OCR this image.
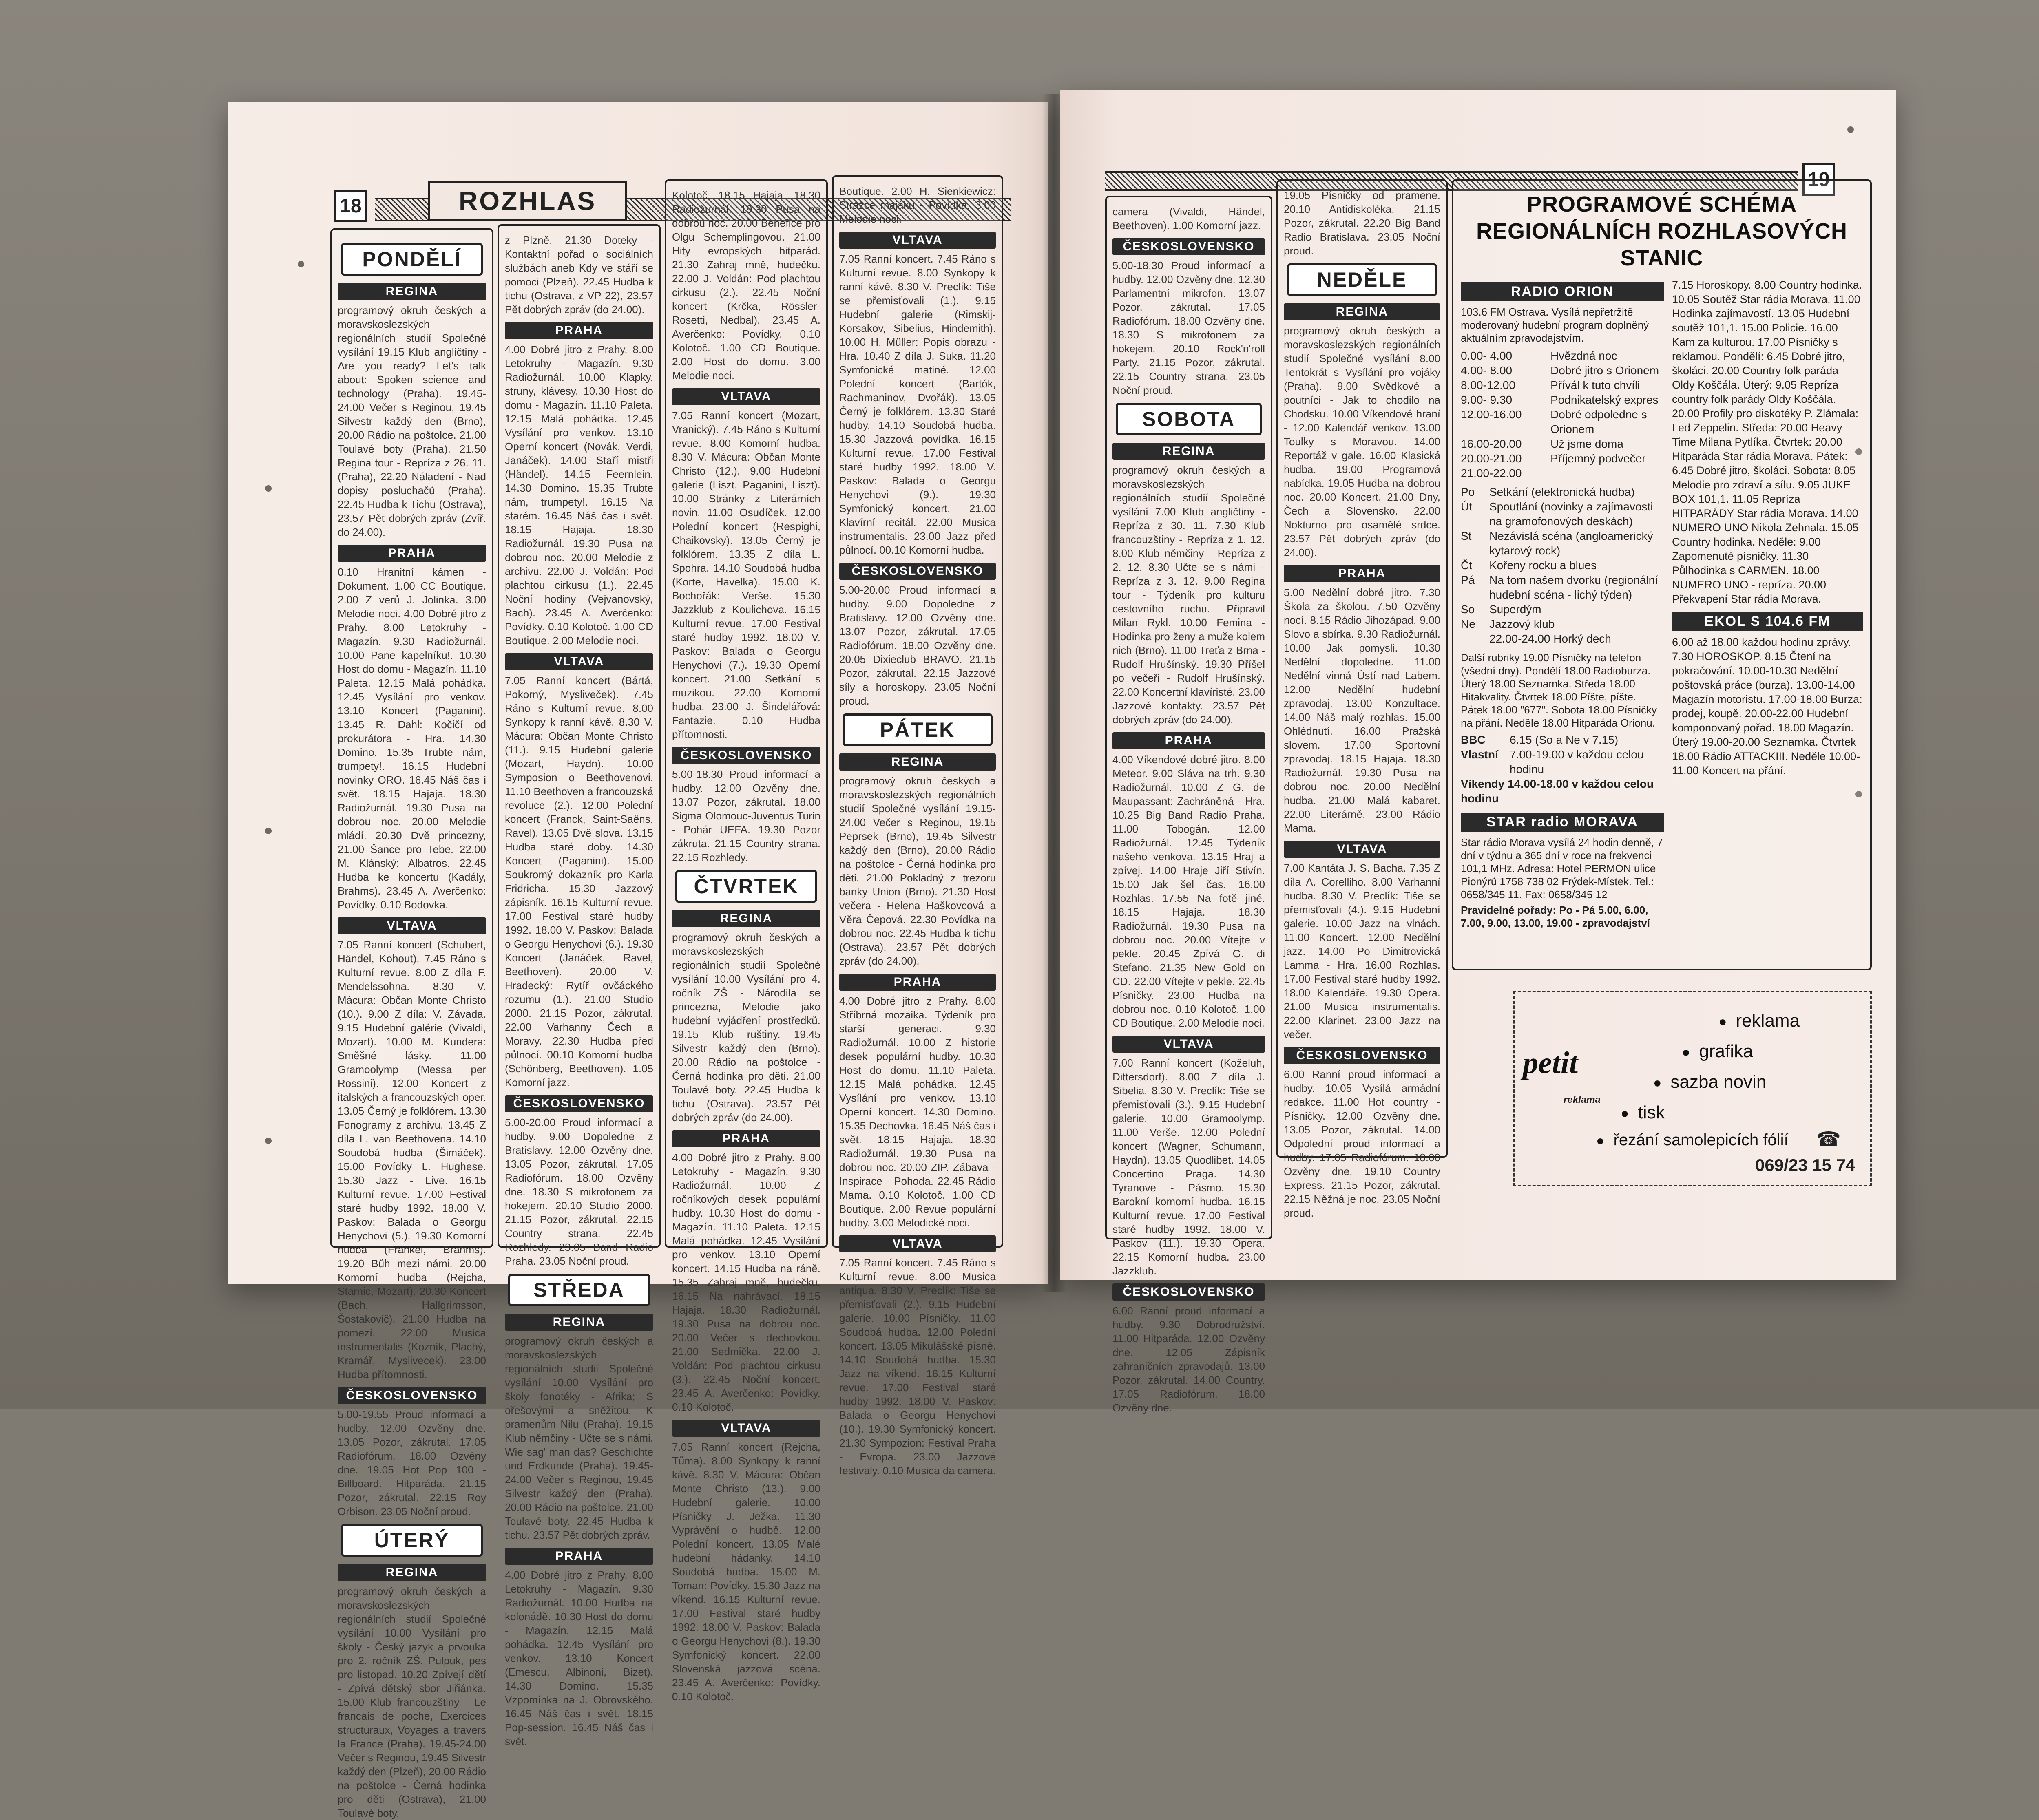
18	ROZHLAS
PONDĚLÍ
REGINA
programový okruh českých a moravskoslezských regionálních studií Společné vysílání 19.15 Klub angličtiny - Are you ready? Let's talk about: Spoken science and technology (Praha). 19.45-24.00 Večer s Reginou, 19.45 Silvestr každý den (Brno), 20.00 Rádio na poštolce. 21.00 Toulavé boty (Praha), 21.50 Regina tour - Repríza z 26. 11. (Praha), 22.20 Náladení - Nad dopisy posluchačů (Praha). 22.45 Hudba k Tichu (Ostrava), 23.57 Pět dobrých zpráv (Zvíř. do 24.00).
PRAHA
0.10 Hranitní kámen - Dokument. 1.00 CC Boutique. 2.00 Z verů J. Jolinka. 3.00 Melodie noci. 4.00 Dobré jitro z Prahy. 8.00 Letokruhy - Magazín. 9.30 Radiožurnál. 10.00 Pane kapelníku!. 10.30 Host do domu - Magazín. 11.10 Paleta. 12.15 Malá pohádka. 12.45 Vysílání pro venkov. 13.10 Koncert (Paganini). 13.45 R. Dahl: Kočičí od prokurátora - Hra. 14.30 Domino. 15.35 Trubte nám, trumpety!. 16.15 Hudební novinky ORO. 16.45 Náš čas i svět. 18.15 Hajaja. 18.30 Radiožurnál. 19.30 Pusa na dobrou noc. 20.00 Melodie mládí. 20.30 Dvě princezny, 21.00 Šance pro Tebe. 22.00 M. Klánský: Albatros. 22.45 Hudba ke koncertu (Kadály, Brahms). 23.45 A. Averčenko: Povídky. 0.10 Bodovka.
VLTAVA
7.05 Ranní koncert (Schubert, Händel, Kohout). 7.45 Ráno s Kulturní revue. 8.00 Z díla F. Mendelssohna. 8.30 V. Mácura: Občan Monte Christo (10.). 9.00 Z díla: V. Závada. 9.15 Hudební galérie (Vivaldi, Mozart). 10.00 M. Kundera: Směšné lásky. 11.00 Gramoolymp (Messa per Rossini). 12.00 Koncert z italských a francouzských oper. 13.05 Černý je folklórem. 13.30 Fonogramy z archivu. 13.45 Z díla L. van Beethovena. 14.10 Soudobá hudba (Šimáček). 15.00 Povídky L. Hughese. 15.30 Jazz - Live. 16.15 Kulturní revue. 17.00 Festival staré hudby 1992. 18.00 V. Paskov: Balada o Georgu Henychovi (5.). 19.30 Komorní hudba (Frankel, Brahms). 19.20 Bůh mezi námi. 20.00 Komorní hudba (Rejcha, Starnic, Mozart). 20.30 Koncert (Bach, Hallgrimsson, Šostakovič). 21.00 Hudba na pomezí. 22.00 Musica instrumentalis (Kozník, Plachý, Kramář, Myslivecek). 23.00 Hudba přítomnosti.
ČESKOSLOVENSKO
5.00-19.55 Proud informací a hudby. 12.00 Ozvěny dne. 13.05 Pozor, zákrutal. 17.05 Radiofórum. 18.00 Ozvěny dne. 19.05 Hot Pop 100 - Billboard. Hitparáda. 21.15 Pozor, zákrutal. 22.15 Roy Orbison. 23.05 Noční proud.
ÚTERÝ
REGINA
programový okruh českých a moravskoslezských regionálních studií Společné vysílání 10.00 Vysílání pro školy - Český jazyk a prvouka pro 2. ročník ZŠ. Pulpuk, pes pro listopad. 10.20 Zpívejí dětí - Zpívá dětský sbor Jiřiánka. 15.00 Klub francouzštiny - Le francais de poche, Exercices structuraux, Voyages a travers la France (Praha). 19.45-24.00 Večer s Reginou, 19.45 Silvestr každý den (Plzeň), 20.00 Rádio na poštolce - Černá hodinka pro děti (Ostrava), 21.00 Toulavé boty.
z Plzně. 21.30 Doteky - Kontaktní pořad o sociálních službách aneb Kdy ve stáří se pomoci (Plzeň). 22.45 Hudba k tichu (Ostrava, z VP 22), 23.57 Pět dobrých zpráv (do 24.00).
PRAHA
4.00 Dobré jitro z Prahy. 8.00 Letokruhy - Magazín. 9.30 Radiožurnál. 10.00 Klapky, struny, klávesy. 10.30 Host do domu - Magazín. 11.10 Paleta. 12.15 Malá pohádka. 12.45 Vysílání pro venkov. 13.10 Operní koncert (Novák, Verdi, Janáček). 14.00 Staří mistři (Händel). 14.15 Feernlein. 14.30 Domino. 15.35 Trubte nám, trumpety!. 16.15 Na starém. 16.45 Náš čas i svět. 18.15 Hajaja. 18.30 Radiožurnál. 19.30 Pusa na dobrou noc. 20.00 Melodie z archivu. 22.00 J. Voldán: Pod plachtou cirkusu (1.). 22.45 Noční hodiny (Vejvanovský, Bach). 23.45 A. Averčenko: Povídky. 0.10 Kolotoč. 1.00 CD Boutique. 2.00 Melodie noci.
VLTAVA
7.05 Ranní koncert (Bártá, Pokorný, Mysliveček). 7.45 Ráno s Kulturní revue. 8.00 Synkopy k ranní kávě. 8.30 V. Mácura: Občan Monte Christo (11.). 9.15 Hudební galerie (Mozart, Haydn). 10.00 Symposion o Beethovenovi. 11.10 Beethoven a francouzská revoluce (2.). 12.00 Polední koncert (Franck, Saint-Saëns, Ravel). 13.05 Dvě slova. 13.15 Hudba staré doby. 14.30 Koncert (Paganini). 15.00 Soukromý dokazník pro Karla Fridricha. 15.30 Jazzový zápisník. 16.15 Kulturní revue. 17.00 Festival staré hudby 1992. 18.00 V. Paskov: Balada o Georgu Henychovi (6.). 19.30 Koncert (Janáček, Ravel, Beethoven). 20.00 V. Hradecký: Rytíř ovčáckého rozumu (1.). 21.00 Studio 2000. 21.15 Pozor, zákrutal. 22.00 Varhanny Čech a Moravy. 22.30 Hudba před půlnocí. 00.10 Komorní hudba (Schönberg, Beethoven). 1.05 Komorní jazz.
ČESKOSLOVENSKO
5.00-20.00 Proud informací a hudby. 9.00 Dopoledne z Bratislavy. 12.00 Ozvěny dne. 13.05 Pozor, zákrutal. 17.05 Radiofórum. 18.00 Ozvěny dne. 18.30 S mikrofonem za hokejem. 20.10 Studio 2000. 21.15 Pozor, zákrutal. 22.15 Country strana. 22.45 Rozhledy. 23.05 Band Radio Praha. 23.05 Noční proud.
STŘEDA
REGINA
programový okruh českých a moravskoslezských regionálních studií Společné vysílání 10.00 Vysílání pro školy fonotéky - Afrika; S ořešovými a sněžitou. K pramenům Nilu (Praha). 19.15 Klub němčiny - Učte se s námi. Wie sag' man das? Geschichte und Erdkunde (Praha). 19.45-24.00 Večer s Reginou, 19.45 Silvestr každý den (Praha). 20.00 Rádio na poštolce. 21.00 Toulavé boty. 22.45 Hudba k tichu. 23.57 Pět dobrých zpráv.
PRAHA
4.00 Dobré jitro z Prahy. 8.00 Letokruhy - Magazín. 9.30 Radiožurnál. 10.00 Hudba na kolonádě. 10.30 Host do domu - Magazín. 12.15 Malá pohádka. 12.45 Vysílání pro venkov. 13.10 Koncert (Emescu, Albinoni, Bizet). 14.30 Domino. 15.35 Vzpomínka na J. Obrovského. 16.45 Náš čas i svět. 18.15 Pop-session. 16.45 Náš čas i svět.
Kolotoč. 18.15 Hajaja. 18.30 Radiožurnál. 19.30 Pusa na dobrou noc. 20.00 Benefice pro Olgu Schemplingovou. 21.00 Hity evropských hitparád. 21.30 Zahraj mně, hudečku. 22.00 J. Voldán: Pod plachtou cirkusu (2.). 22.45 Noční koncert (Krčka, Rössler-Rosetti, Nedbal). 23.45 A. Averčenko: Povídky. 0.10 Kolotoč. 1.00 CD Boutique. 2.00 Host do domu. 3.00 Melodie noci.
VLTAVA
7.05 Ranní koncert (Mozart, Vranický). 7.45 Ráno s Kulturní revue. 8.00 Komorní hudba. 8.30 V. Mácura: Občan Monte Christo (12.). 9.00 Hudební galerie (Liszt, Paganini, Liszt). 10.00 Stránky z Literárních novin. 11.00 Osudíček. 12.00 Polední koncert (Respighi, Chaikovsky). 13.05 Černý je folklórem. 13.35 Z díla L. Spohra. 14.10 Soudobá hudba (Korte, Havelka). 15.00 K. Bochořák: Verše. 15.30 Jazzklub z Koulichova. 16.15 Kulturní revue. 17.00 Festival staré hudby 1992. 18.00 V. Paskov: Balada o Georgu Henychovi (7.). 19.30 Operní koncert. 21.00 Setkání s muzikou. 22.00 Komorní hudba. 23.00 J. Šindelářová: Fantazie. 0.10 Hudba přítomnosti.
ČESKOSLOVENSKO
5.00-18.30 Proud informací a hudby. 12.00 Ozvěny dne. 13.07 Pozor, zákrutal. 18.00 Sigma Olomouc-Juventus Turin - Pohár UEFA. 19.30 Pozor zákruta. 21.15 Country strana. 22.15 Rozhledy.
ČTVRTEK
REGINA
programový okruh českých a moravskoslezských regionálních studií Společné vysílání 10.00 Vysílání pro 4. ročník ZŠ - Národila se princezna, Melodie jako hudební vyjádření prostředků. 19.15 Klub ruštiny. 19.45 Silvestr každý den (Brno). 20.00 Rádio na poštolce - Černá hodinka pro děti. 21.00 Toulavé boty. 22.45 Hudba k tichu (Ostrava). 23.57 Pět dobrých zpráv (do 24.00).
PRAHA
4.00 Dobré jitro z Prahy. 8.00 Letokruhy - Magazín. 9.30 Radiožurnál. 10.00 Z ročníkových desek populární hudby. 10.30 Host do domu - Magazín. 11.10 Paleta. 12.15 Malá pohádka. 12.45 Vysílání pro venkov. 13.10 Operní koncert. 14.15 Hudba na ráně. 15.35 Zahraj mně, hudečku. 16.15 Na nahrávací. 18.15 Hajaja. 18.30 Radiožurnál. 19.30 Pusa na dobrou noc. 20.00 Večer s dechovkou. 21.00 Sedmička. 22.00 J. Voldán: Pod plachtou cirkusu (3.). 22.45 Noční koncert. 23.45 A. Averčenko: Povídky. 0.10 Kolotoč.
VLTAVA
7.05 Ranní koncert (Rejcha, Tůma). 8.00 Synkopy k ranní kávě. 8.30 V. Mácura: Občan Monte Christo (13.). 9.00 Hudební galerie. 10.00 Písničky J. Ježka. 11.30 Vyprávění o hudbě. 12.00 Polední koncert. 13.05 Malé hudební hádanky. 14.10 Soudobá hudba. 15.00 M. Toman: Povídky. 15.30 Jazz na víkend. 16.15 Kulturní revue. 17.00 Festival staré hudby 1992. 18.00 V. Paskov: Balada o Georgu Henychovi (8.). 19.30 Symfonický koncert. 22.00 Slovenská jazzová scéna. 23.45 A. Averčenko: Povídky. 0.10 Kolotoč.
Boutique. 2.00 H. Sienkiewicz: Strážce majáku - Povídka. 3.00 Melodie noci.
VLTAVA
7.05 Ranní koncert. 7.45 Ráno s Kulturní revue. 8.00 Synkopy k ranní kávě. 8.30 V. Preclík: Tiše se přemisťovali (1.). 9.15 Hudební galerie (Rimskij-Korsakov, Sibelius, Hindemith). 10.00 H. Müller: Popis obrazu - Hra. 10.40 Z díla J. Suka. 11.20 Symfonické matiné. 12.00 Polední koncert (Bartók, Rachmaninov, Dvořák). 13.05 Černý je folklórem. 13.30 Staré hudby. 14.10 Soudobá hudba. 15.30 Jazzová povídka. 16.15 Kulturní revue. 17.00 Festival staré hudby 1992. 18.00 V. Paskov: Balada o Georgu Henychovi (9.). 19.30 Symfonický koncert. 21.00 Klavírní recitál. 22.00 Musica instrumentalis. 23.00 Jazz před půlnocí. 00.10 Komorní hudba.
ČESKOSLOVENSKO
5.00-20.00 Proud informací a hudby. 9.00 Dopoledne z Bratislavy. 12.00 Ozvěny dne. 13.07 Pozor, zákrutal. 17.05 Radiofórum. 18.00 Ozvěny dne. 20.05 Dixieclub BRAVO. 21.15 Pozor, zákrutal. 22.15 Jazzové síly a horoskopy. 23.05 Noční proud.
PÁTEK
REGINA
programový okruh českých a moravskoslezských regionálních studií Společné vysílání 19.15-24.00 Večer s Reginou, 19.15 Peprsek (Brno), 19.45 Silvestr každý den (Brno), 20.00 Rádio na poštolce - Černá hodinka pro děti. 21.00 Pokladný z trezoru banky Union (Brno). 21.30 Host večera - Helena Haškovcová a Věra Čepová. 22.30 Povídka na dobrou noc. 22.45 Hudba k tichu (Ostrava). 23.57 Pět dobrých zpráv (do 24.00).
PRAHA
4.00 Dobré jitro z Prahy. 8.00 Stříbrná mozaika. Týdeník pro starší generaci. 9.30 Radiožurnál. 10.00 Z historie desek populární hudby. 10.30 Host do domu. 11.10 Paleta. 12.15 Malá pohádka. 12.45 Vysílání pro venkov. 13.10 Operní koncert. 14.30 Domino. 15.35 Dechovka. 16.45 Náš čas i svět. 18.15 Hajaja. 18.30 Radiožurnál. 19.30 Pusa na dobrou noc. 20.00 ZIP. Zábava - Inspirace - Pohoda. 22.45 Rádio Mama. 0.10 Kolotoč. 1.00 CD Boutique. 2.00 Revue populární hudby. 3.00 Melodické noci.
VLTAVA
7.05 Ranní koncert. 7.45 Ráno s Kulturní revue. 8.00 Musica antiqua. 8.30 V. Preclík: Tiše se přemisťovali (2.). 9.15 Hudební galerie. 10.00 Písničky. 11.00 Soudobá hudba. 12.00 Polední koncert. 13.05 Mikulášské písně. 14.10 Soudobá hudba. 15.30 Jazz na víkend. 16.15 Kulturní revue. 17.00 Festival staré hudby 1992. 18.00 V. Paskov: Balada o Georgu Henychovi (10.). 19.30 Symfonický koncert. 21.30 Sympozion: Festival Praha - Evropa. 23.00 Jazzové festivaly. 0.10 Musica da camera.
19
camera (Vivaldi, Händel, Beethoven). 1.00 Komorní jazz.
ČESKOSLOVENSKO
5.00-18.30 Proud informací a hudby. 12.00 Ozvěny dne. 12.30 Parlamentní mikrofon. 13.07 Pozor, zákrutal. 17.05 Radiofórum. 18.00 Ozvěny dne. 18.30 S mikrofonem za hokejem. 20.10 Rock'n'roll Party. 21.15 Pozor, zákrutal. 22.15 Country strana. 23.05 Noční proud.
SOBOTA
REGINA
programový okruh českých a moravskoslezských regionálních studií Společné vysílání 7.00 Klub angličtiny - Repríza z 30. 11. 7.30 Klub francouzštiny - Repríza z 1. 12. 8.00 Klub němčiny - Repríza z 2. 12. 8.30 Učte se s námi - Repríza z 3. 12. 9.00 Regina tour - Týdeník pro kulturu cestovního ruchu. Připravil Milan Rykl. 10.00 Femina - Hodinka pro ženy a muže kolem nich (Brno). 11.00 Treťa z Brna - Rudolf Hrušínský. 19.30 Příšel po večeři - Rudolf Hrušínský. 22.00 Koncertní klavíristé. 23.00 Jazzové kontakty. 23.57 Pět dobrých zpráv (do 24.00).
PRAHA
4.00 Víkendové dobré jitro. 8.00 Meteor. 9.00 Sláva na trh. 9.30 Radiožurnál. 10.00 Z G. de Maupassant: Zachráněná - Hra. 10.25 Big Band Radio Praha. 11.00 Tobogán. 12.00 Radiožurnál. 12.45 Týdeník našeho venkova. 13.15 Hraj a zpívej. 14.00 Hraje Jiří Stivín. 15.00 Jak šel čas. 16.00 Rozhlas. 17.55 Na fotě jiné. 18.15 Hajaja. 18.30 Radiožurnál. 19.30 Pusa na dobrou noc. 20.00 Vítejte v pekle. 20.45 Zpívá G. di Stefano. 21.35 New Gold on CD. 22.00 Vítejte v pekle. 22.45 Písničky. 23.00 Hudba na dobrou noc. 0.10 Kolotoč. 1.00 CD Boutique. 2.00 Melodie noci.
VLTAVA
7.00 Ranní koncert (Koželuh, Dittersdorf). 8.00 Z díla J. Sibelia. 8.30 V. Preclík: Tiše se přemisťovali (3.). 9.15 Hudební galerie. 10.00 Gramoolymp. 11.00 Verše. 12.00 Polední koncert (Wagner, Schumann, Haydn). 13.05 Quodlibet. 14.05 Concertino Praga. 14.30 Tyranove - Pásmo. 15.30 Barokní komorní hudba. 16.15 Kulturní revue. 17.00 Festival staré hudby 1992. 18.00 V. Paskov (11.). 19.30 Opera. 22.15 Komorní hudba. 23.00 Jazzklub.
ČESKOSLOVENSKO
6.00 Ranní proud informací a hudby. 9.30 Dobrodružství. 11.00 Hitparáda. 12.00 Ozvěny dne. 12.05 Zápisník zahraničních zpravodajů. 13.00 Pozor, zákrutal. 14.00 Country. 17.05 Radiofórum. 18.00 Ozvěny dne.
19.05 Písničky od pramene. 20.10 Antidiskoléka. 21.15 Pozor, zákrutal. 22.20 Big Band Radio Bratislava. 23.05 Noční proud.
NEDĚLE
REGINA
programový okruh českých a moravskoslezských regionálních studií Společné vysílání 8.00 Tentokrát s Vysílání pro vojáky (Praha). 9.00 Svědkové a poutníci - Jak to chodilo na Chodsku. 10.00 Víkendové hraní - 12.00 Kalendář venkov. 13.00 Toulky s Moravou. 14.00 Reportáž v gale. 16.00 Klasická hudba. 19.00 Programová nabídka. 19.05 Hudba na dobrou noc. 20.00 Koncert. 21.00 Dny, Čech a Slovensko. 22.00 Nokturno pro osamělé srdce. 23.57 Pět dobrých zpráv (do 24.00).
PRAHA
5.00 Nedělní dobré jitro. 7.30 Škola za školou. 7.50 Ozvěny nocí. 8.15 Rádio Jihozápad. 9.00 Slovo a sbírka. 9.30 Radiožurnál. 10.00 Jak pomysli. 10.30 Nedělní dopoledne. 11.00 Nedělní vinná Ústí nad Labem. 12.00 Nedělní hudební zpravodaj. 13.00 Konzultace. 14.00 Náš malý rozhlas. 15.00 Ohlédnutí. 16.00 Pražská slovem. 17.00 Sportovní zpravodaj. 18.15 Hajaja. 18.30 Radiožurnál. 19.30 Pusa na dobrou noc. 20.00 Nedělní hudba. 21.00 Malá kabaret. 22.00 Literárně. 23.00 Rádio Mama.
VLTAVA
7.00 Kantáta J. S. Bacha. 7.35 Z díla A. Corelliho. 8.00 Varhanní hudba. 8.30 V. Preclík: Tiše se přemisťovali (4.). 9.15 Hudební galerie. 10.00 Jazz na vlnách. 11.00 Koncert. 12.00 Nedělní jazz. 14.00 Po Dimitrovická Lamma - Hra. 16.00 Rozhlas. 17.00 Festival staré hudby 1992. 18.00 Kalendáře. 19.30 Opera. 21.00 Musica instrumentalis. 22.00 Klarinet. 23.00 Jazz na večer.
ČESKOSLOVENSKO
6.00 Ranní proud informací a hudby. 10.05 Vysílá armádní redakce. 11.00 Hot country - Písničky. 12.00 Ozvěny dne. 13.05 Pozor, zákrutal. 14.00 Odpolední proud informací a hudby. 17.05 Radiofórum. 18.00 Ozvěny dne. 19.10 Country Express. 21.15 Pozor, zákrutal. 22.15 Něžná je noc. 23.05 Noční proud.
PROGRAMOVÉ SCHÉMA REGIONÁLNÍCH ROZHLASOVÝCH STANIC
RADIO ORION
103.6 FM Ostrava. Vysílá nepřetržitě moderovaný hudební program doplněný aktuálním zpravodajstvím.
0.00- 4.00	Hvězdná noc
4.00- 8.00	Dobré jitro s Orionem
8.00-12.00	Přívál k tuto chvíli
9.00- 9.30	Podnikatelský expres
12.00-16.00	Dobré odpoledne s Orionem
16.00-20.00	Už jsme doma
20.00-21.00	Příjemný podvečer
21.00-22.00
Po	Setkání (elektronická hudba)
Út	Spoutlání (novinky a zajímavosti na gramofonových deskách)
St	Nezávislá scéna (angloamerický kytarový rock)
Čt	Kořeny rocku a blues
Pá	Na tom našem dvorku (regionální hudební scéna - lichý týden)
So	Superdým
Ne	Jazzový klub
22.00-24.00 Horký dech
Další rubriky 19.00 Písničky na telefon (všední dny). Pondělí 18.00 Radioburza. Úterý 18.00 Seznamka. Středa 18.00 Hitakvality. Čtvrtek 18.00 Píšte, píšte. Pátek 18.00 "677". Sobota 18.00 Písničky na přání. Neděle 18.00 Hitparáda Orionu.
BBC	6.15 (So a Ne v 7.15)
Vlastní	7.00-19.00 v každou celou hodinu
Víkendy 14.00-18.00 v každou celou hodinu
STAR radio MORAVA
Star rádio Morava vysílá 24 hodin denně, 7 dní v týdnu a 365 dní v roce na frekvenci 101,1 MHz. Adresa: Hotel PERMON ulice Pionýrů 1758 738 02 Frýdek-Místek. Tel.: 0658/345 11. Fax: 0658/345 12
Pravidelné pořady: Po - Pá 5.00, 6.00, 7.00, 9.00, 13.00, 19.00 - zpravodajství
7.15 Horoskopy. 8.00 Country hodinka. 10.05 Soutěž Star rádia Morava. 11.00 Hodinka zajímavostí. 13.05 Hudební soutěž 101,1. 15.00 Policie. 16.00 Kam za kulturou. 17.00 Písničky s reklamou. Pondělí: 6.45 Dobré jitro, školáci. 20.00 Country folk paráda Oldy Koščála. Úterý: 9.05 Repríza country folk parády Oldy Koščála. 20.00 Profily pro diskotéky P. Zlámala: Led Zeppelin. Středa: 20.00 Heavy Time Milana Pytlíka. Čtvrtek: 20.00 Hitparáda Star rádia Morava. Pátek: 6.45 Dobré jitro, školáci. Sobota: 8.05 Melodie pro zdraví a sílu. 9.05 JUKE BOX 101,1. 11.05 Repríza HITPARÁDY Star rádia Morava. 14.00 NUMERO UNO Nikola Zehnala. 15.05 Country hodinka. Neděle: 9.00 Zapomenuté písničky. 11.30 Půlhodinka s CARMEN. 18.00 NUMERO UNO - repríza. 20.00 Překvapení Star rádia Morava.
EKOL S 104.6 FM
6.00 až 18.00 každou hodinu zprávy. 7.30 HOROSKOP. 8.15 Čtení na pokračování. 10.00-10.30 Nedělní poštovská práce (burza). 13.00-14.00 Magazín motoristu. 17.00-18.00 Burza: prodej, koupě. 20.00-22.00 Hudební komponovaný pořad. 18.00 Magazín. Úterý 19.00-20.00 Seznamka. Čtvrtek 18.00 Rádio ATTACKIII. Neděle 10.00-11.00 Koncert na přání.
petit
reklama
● reklama
● grafika
● sazba novin
● tisk
● řezání samolepicích fólií ☎
069/23 15 74
